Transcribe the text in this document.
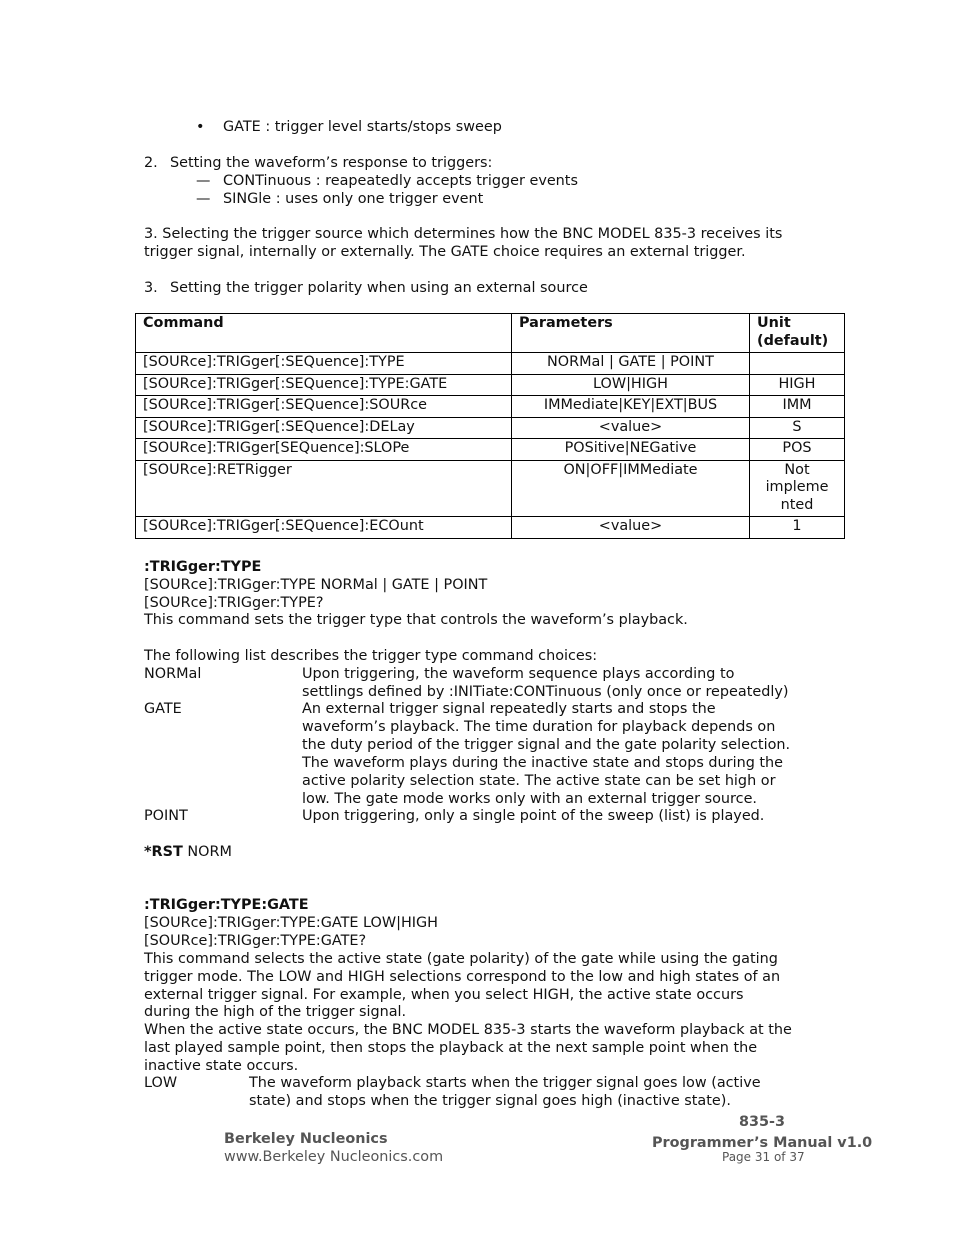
• GATE : trigger level starts/stops sweep
2. Setting the waveform’s response to triggers:
— CONTinuous : reapeatedly accepts trigger events
— SINGle : uses only one trigger event
3. Selecting the trigger source which determines how the BNC MODEL 835-3 receives its
trigger signal, internally or externally. The GATE choice requires an external trigger.
3. Setting the trigger polarity when using an external source
Command	Parameters	Unit
(default)
[SOURce]:TRIGger[:SEQuence]:TYPE	NORMal | GATE | POINT	
[SOURce]:TRIGger[:SEQuence]:TYPE:GATE	LOW|HIGH	HIGH
[SOURce]:TRIGger[:SEQuence]:SOURce	IMMediate|KEY|EXT|BUS	IMM
[SOURce]:TRIGger[:SEQuence]:DELay	<value>	S
[SOURce]:TRIGger[SEQuence]:SLOPe	POSitive|NEGative	POS
[SOURce]:RETRigger	ON|OFF|IMMediate	Not
impleme
nted
[SOURce]:TRIGger[:SEQuence]:ECOunt	<value>	1
:TRIGger:TYPE
[SOURce]:TRIGger:TYPE NORMal | GATE | POINT
[SOURce]:TRIGger:TYPE?
This command sets the trigger type that controls the waveform’s playback.
The following list describes the trigger type command choices:
NORMal	Upon triggering, the waveform sequence plays according to
settlings defined by :INITiate:CONTinuous (only once or repeatedly)
GATE	An external trigger signal repeatedly starts and stops the
waveform’s playback. The time duration for playback depends on
the duty period of the trigger signal and the gate polarity selection.
The waveform plays during the inactive state and stops during the
active polarity selection state. The active state can be set high or
low. The gate mode works only with an external trigger source.
POINT	Upon triggering, only a single point of the sweep (list) is played.
*RST NORM
:TRIGger:TYPE:GATE
[SOURce]:TRIGger:TYPE:GATE LOW|HIGH
[SOURce]:TRIGger:TYPE:GATE?
This command selects the active state (gate polarity) of the gate while using the gating
trigger mode. The LOW and HIGH selections correspond to the low and high states of an
external trigger signal. For example, when you select HIGH, the active state occurs
during the high of the trigger signal.
When the active state occurs, the BNC MODEL 835-3 starts the waveform playback at the
last played sample point, then stops the playback at the next sample point when the
inactive state occurs.
LOW	The waveform playback starts when the trigger signal goes low (active
state) and stops when the trigger signal goes high (inactive state).
835-3
Berkeley Nucleonics	Programmer’s Manual v1.0
www.Berkeley Nucleonics.com	Page 31 of 37
